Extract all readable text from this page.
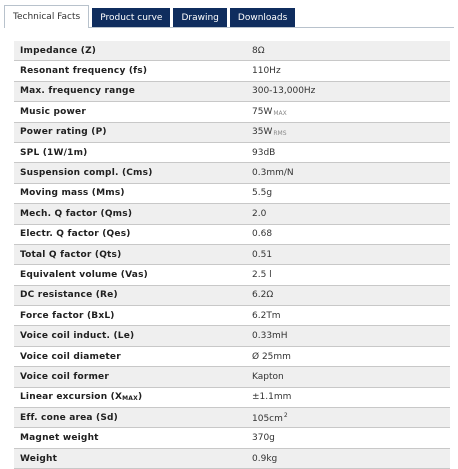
Technical Facts	Product curve	Drawing	Downloads
Impedance (Z)	8Ω
Resonant frequency (fs)	110Hz
Max. frequency range	300-13,000Hz
Music power	75WMAX
Power rating (P)	35WRMS
SPL (1W/1m)	93dB
Suspension compl. (Cms)	0.3mm/N
Moving mass (Mms)	5.5g
Mech. Q factor (Qms)	2.0
Electr. Q factor (Qes)	0.68
Total Q factor (Qts)	0.51
Equivalent volume (Vas)	2.5 l
DC resistance (Re)	6.2Ω
Force factor (BxL)	6.2Tm
Voice coil induct. (Le)	0.33mH
Voice coil diameter	Ø 25mm
Voice coil former	Kapton
Linear excursion (XMAX)	±1.1mm
Eff. cone area (Sd)	$105cm^2$
Magnet weight	370g
Weight	0.9kg
